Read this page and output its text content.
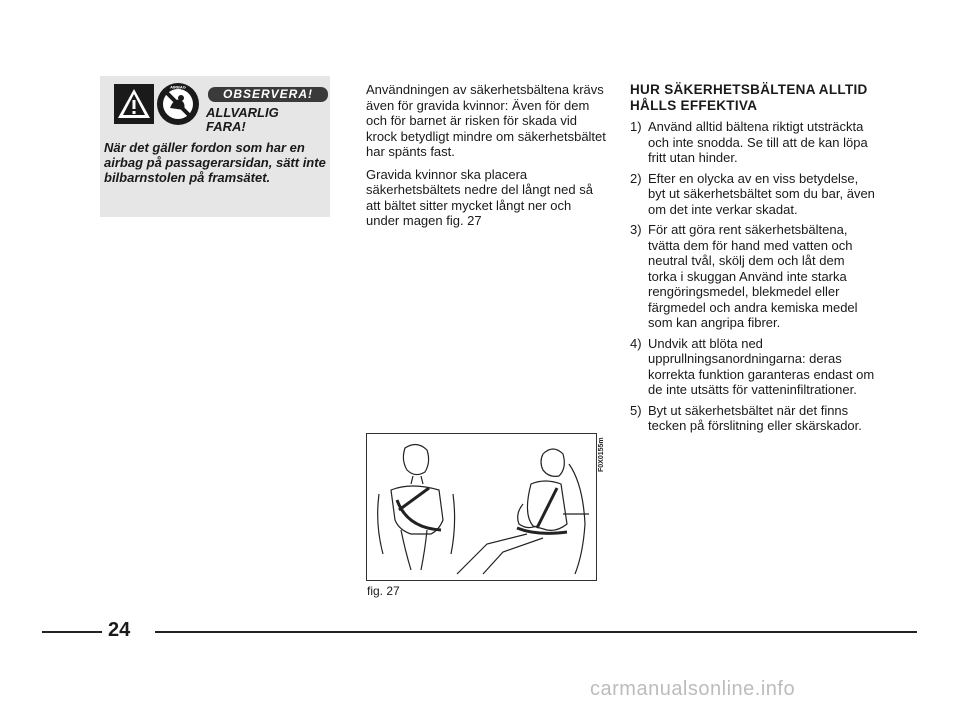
AIRBAG	OBSERVERA!
ALLVARLIG FARA!
När det gäller fordon som har en airbag på passagerarsidan, sätt inte bilbarnstolen på framsätet.

Användningen av säkerhetsbältena krävs även för gravida kvinnor: Även för dem och för barnet är risken för skada vid krock betydligt mindre om säkerhetsbältet har spänts fast.

Gravida kvinnor ska placera säkerhetsbältets nedre del långt ned så att bältet sitter mycket långt ner och under magen fig. 27

F0X0155m
fig. 27
HUR SÄKERHETSBÄLTENA ALLTID HÅLLS EFFEKTIVA
1) Använd alltid bältena riktigt utsträckta och inte snodda. Se till att de kan löpa fritt utan hinder.
2) Efter en olycka av en viss betydelse, byt ut säkerhetsbältet som du bar, även om det inte verkar skadat.
3) För att göra rent säkerhetsbältena, tvätta dem för hand med vatten och neutral tvål, skölj dem och låt dem torka i skuggan Använd inte starka rengöringsmedel, blekmedel eller färgmedel och andra kemiska medel som kan angripa fibrer.
4) Undvik att blöta ned upprullningsanordningarna: deras korrekta funktion garanteras endast om de inte utsätts för vatteninfiltrationer.
5) Byt ut säkerhetsbältet när det finns tecken på förslitning eller skärskador.
24
carmanualsonline.info
